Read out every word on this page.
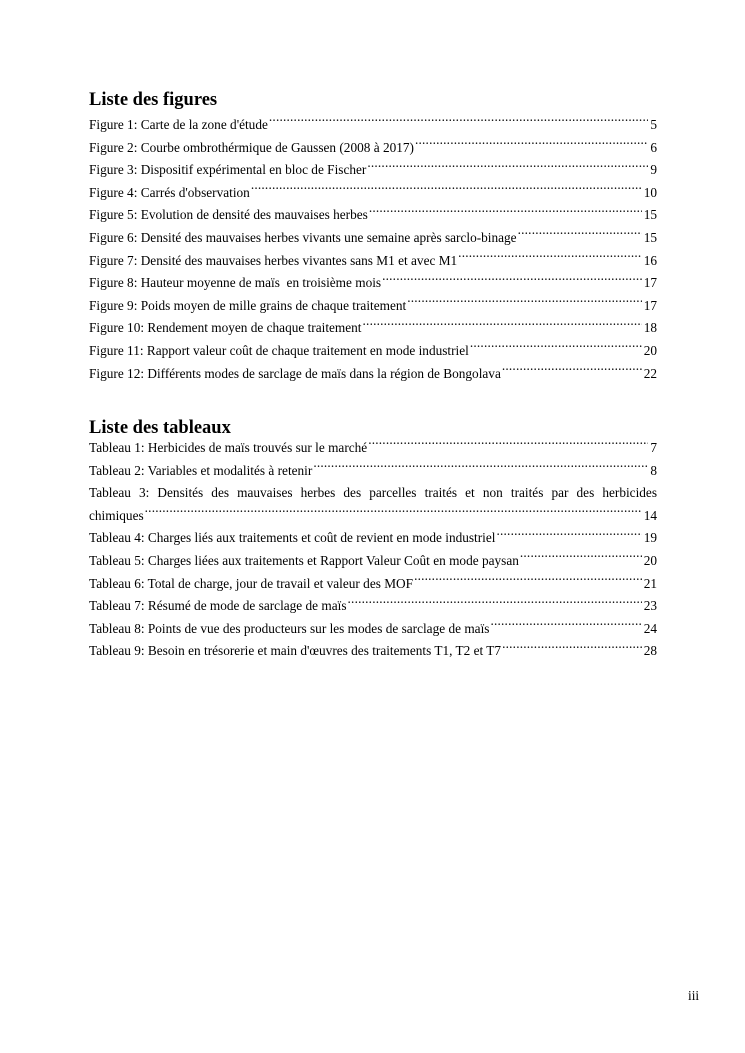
Liste des figures
Figure 1: Carte de la zone d'étude .....	5
Figure 2: Courbe ombrothérmique de Gaussen (2008 à 2017) .....	6
Figure 3: Dispositif expérimental en bloc de Fischer .....	9
Figure 4: Carrés d'observation .....	10
Figure 5: Evolution de densité des mauvaises herbes .....	15
Figure 6: Densité des mauvaises herbes vivants une semaine après sarclo-binage .....	15
Figure 7: Densité des mauvaises herbes vivantes sans M1 et avec M1 .....	16
Figure 8: Hauteur moyenne de maïs  en troisième mois .....	17
Figure 9: Poids moyen de mille grains de chaque traitement .....	17
Figure 10: Rendement moyen de chaque traitement .....	18
Figure 11: Rapport valeur coût de chaque traitement en mode industriel .....	20
Figure 12: Différents modes de sarclage de maïs dans la région de Bongolava .....	22
Liste des tableaux
Tableau 1: Herbicides de maïs trouvés sur le marché .....	7
Tableau 2: Variables et modalités à retenir .....	8
Tableau 3: Densités des mauvaises herbes des parcelles traités et non traités par des herbicides
chimiques .....	14
Tableau 4: Charges liés aux traitements et coût de revient en mode industriel .....	19
Tableau 5: Charges liées aux traitements et Rapport Valeur Coût en mode paysan .....	20
Tableau 6: Total de charge, jour de travail et valeur des MOF .....	21
Tableau 7: Résumé de mode de sarclage de maïs .....	23
Tableau 8: Points de vue des producteurs sur les modes de sarclage de maïs .....	24
Tableau 9: Besoin en trésorerie et main d'œuvres des traitements T1, T2 et T7 .....	28
iii
